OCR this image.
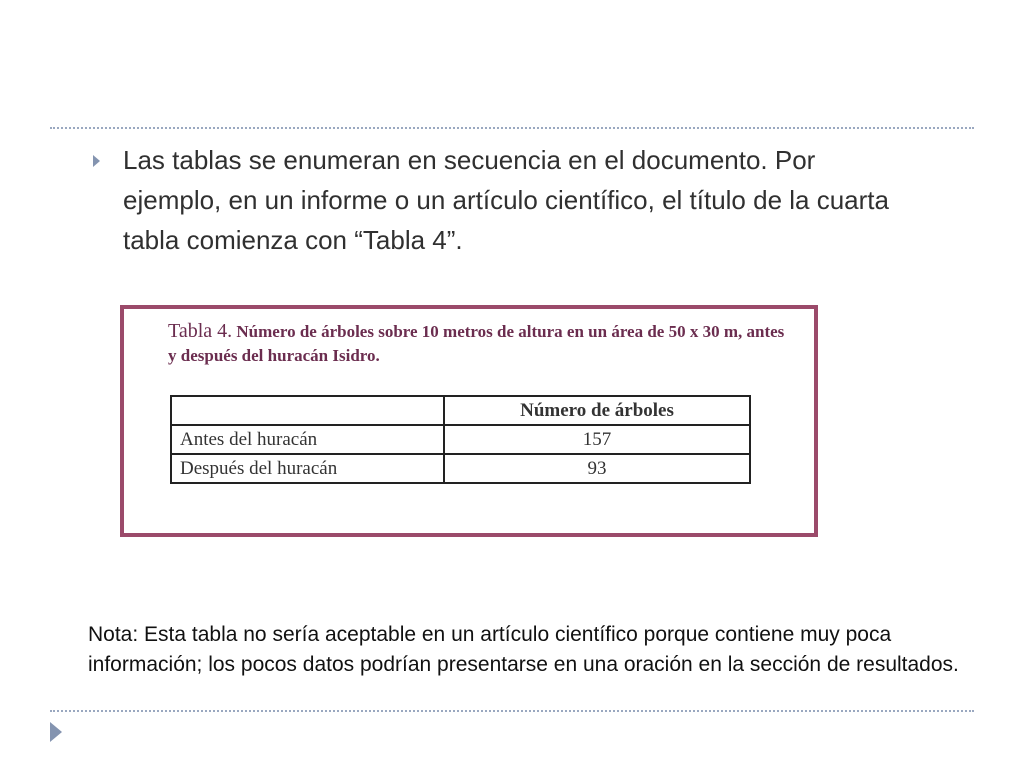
Las tablas se enumeran en secuencia en el documento. Por ejemplo, en un informe o un artículo científico, el título de la cuarta tabla comienza con “Tabla 4”.

Tabla 4. Número de árboles sobre 10 metros de altura en un área de 50 x 30 m, antes y después del huracán Isidro.
	Número de árboles
Antes del huracán	157
Después del huracán	93

Nota: Esta tabla no sería aceptable en un artículo científico porque contiene muy poca información; los pocos datos podrían presentarse en una oración en la sección de resultados.
